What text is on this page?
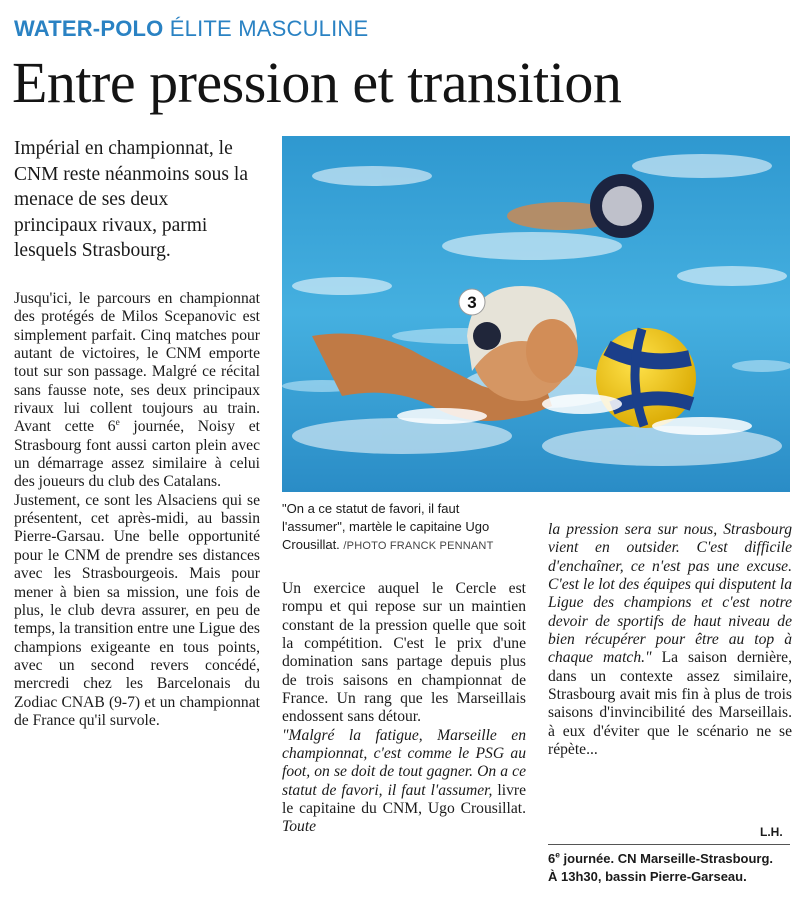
WATER-POLO ÉLITE MASCULINE
Entre pression et transition
Impérial en championnat, le CNM reste néanmoins sous la menace de ses deux principaux rivaux, parmi lesquels Strasbourg.

Jusqu'ici, le parcours en championnat des protégés de Milos Scepanovic est simplement parfait. Cinq matches pour autant de victoires, le CNM emporte tout sur son passage. Malgré ce récital sans fausse note, ses deux principaux rivaux lui collent toujours au train. Avant cette 6e journée, Noisy et Strasbourg font aussi carton plein avec un démarrage assez similaire à celui des joueurs du club des Catalans.

Justement, ce sont les Alsaciens qui se présentent, cet après-midi, au bassin Pierre-Garsau. Une belle opportunité pour le CNM de prendre ses distances avec les Strasbourgeois. Mais pour mener à bien sa mission, une fois de plus, le club devra assurer, en peu de temps, la transition entre une Ligue des champions exigeante en tous points, avec un second revers concédé, mercredi chez les Barcelonais du Zodiac CNAB (9-7) et un championnat de France qu'il survole.

3
"On a ce statut de favori, il faut l'assumer", martèle le capitaine Ugo Crousillat. /PHOTO FRANCK PENNANT

Un exercice auquel le Cercle est rompu et qui repose sur un maintien constant de la pression quelle que soit la compétition. C'est le prix d'une domination sans partage depuis plus de trois saisons en championnat de France. Un rang que les Marseillais endossent sans détour.

"Malgré la fatigue, Marseille en championnat, c'est comme le PSG au foot, on se doit de tout gagner. On a ce statut de favori, il faut l'assumer, livre le capitaine du CNM, Ugo Crousillat. Toute

la pression sera sur nous, Strasbourg vient en outsider. C'est difficile d'enchaîner, ce n'est pas une excuse. C'est le lot des équipes qui disputent la Ligue des champions et c'est notre devoir de sportifs de haut niveau de bien récupérer pour être au top à chaque match." La saison dernière, dans un contexte assez similaire, Strasbourg avait mis fin à plus de trois saisons d'invincibilité des Marseillais. à eux d'éviter que le scénario ne se répète...

L.H.
6e journée. CN Marseille-Strasbourg.
À 13h30, bassin Pierre-Garseau.
